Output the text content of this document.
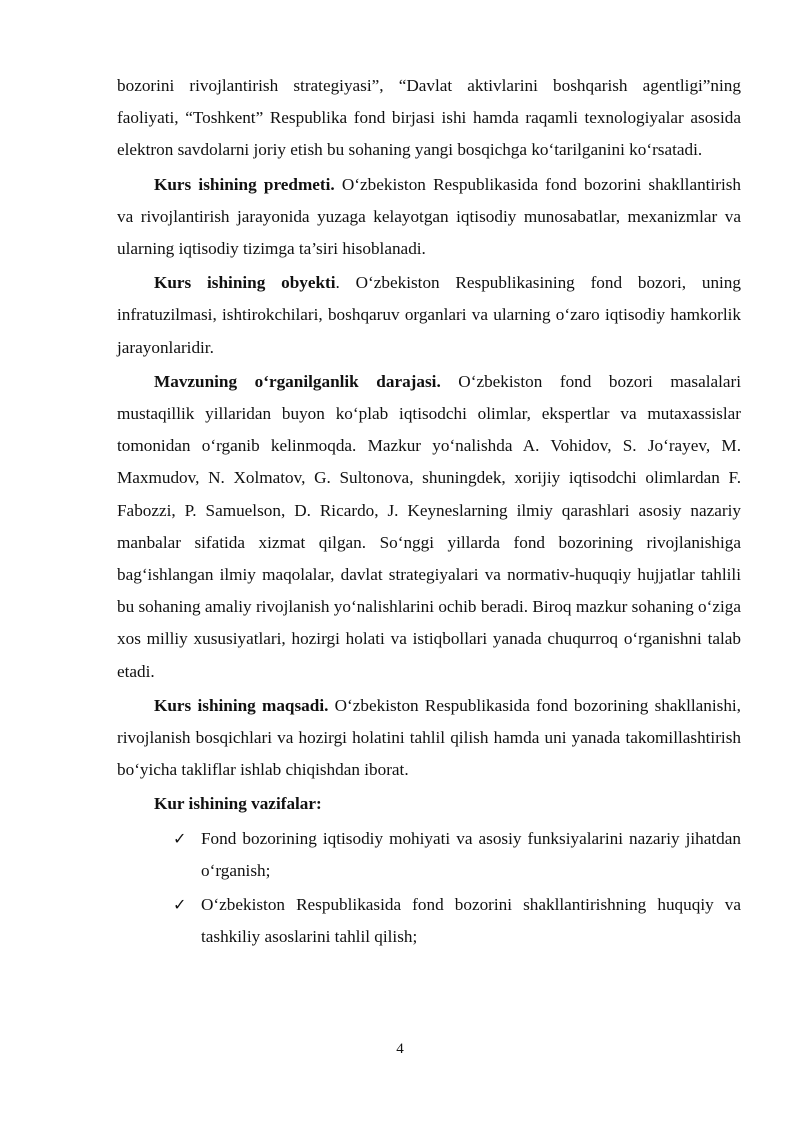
bozorini rivojlantirish strategiyasi”, “Davlat aktivlarini boshqarish agentligi”ning faoliyati, “Toshkent” Respublika fond birjasi ishi hamda raqamli texnologiyalar asosida elektron savdolarni joriy etish bu sohaning yangi bosqichga ko‘tarilganini ko‘rsatadi.

Kurs ishining predmeti. O‘zbekiston Respublikasida fond bozorini shakllantirish va rivojlantirish jarayonida yuzaga kelayotgan iqtisodiy munosabatlar, mexanizmlar va ularning iqtisodiy tizimga ta’siri hisoblanadi.

Kurs ishining obyekti. O‘zbekiston Respublikasining fond bozori, uning infratuzilmasi, ishtirokchilari, boshqaruv organlari va ularning o‘zaro iqtisodiy hamkorlik jarayonlaridir.

Mavzuning o‘rganilganlik darajasi. O‘zbekiston fond bozori masalalari mustaqillik yillaridan buyon ko‘plab iqtisodchi olimlar, ekspertlar va mutaxassislar tomonidan o‘rganib kelinmoqda. Mazkur yo‘nalishda A. Vohidov, S. Jo‘rayev, M. Maxmudov, N. Xolmatov, G. Sultonova, shuningdek, xorijiy iqtisodchi olimlardan F. Fabozzi, P. Samuelson, D. Ricardo, J. Keyneslarning ilmiy qarashlari asosiy nazariy manbalar sifatida xizmat qilgan. So‘nggi yillarda fond bozorining rivojlanishiga bag‘ishlangan ilmiy maqolalar, davlat strategiyalari va normativ-huquqiy hujjatlar tahlili bu sohaning amaliy rivojlanish yo‘nalishlarini ochib beradi. Biroq mazkur sohaning o‘ziga xos milliy xususiyatlari, hozirgi holati va istiqbollari yanada chuqurroq o‘rganishni talab etadi.

Kurs ishining maqsadi. O‘zbekiston Respublikasida fond bozorining shakllanishi, rivojlanish bosqichlari va hozirgi holatini tahlil qilish hamda uni yanada takomillashtirish bo‘yicha takliflar ishlab chiqishdan iborat.

Kur ishining vazifalar:

✓ Fond bozorining iqtisodiy mohiyati va asosiy funksiyalarini nazariy jihatdan o‘rganish;
✓ O‘zbekiston Respublikasida fond bozorini shakllantirishning huquqiy va tashkiliy asoslarini tahlil qilish;
4
